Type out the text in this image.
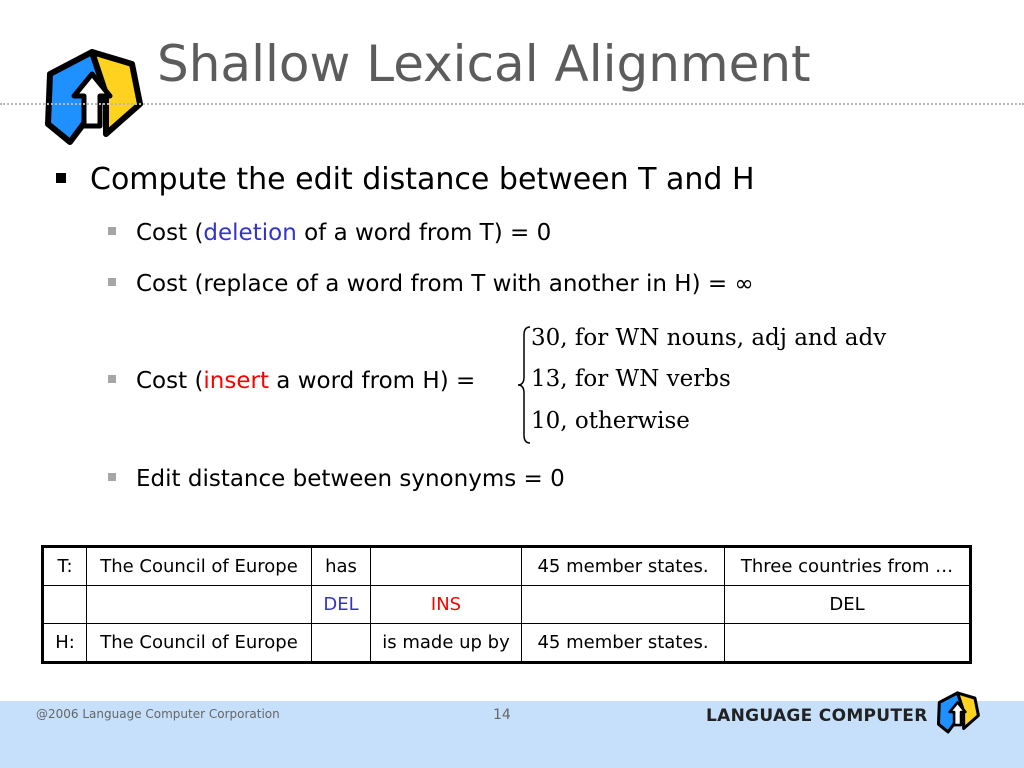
Shallow Lexical Alignment
Compute the edit distance between T and H
Cost (deletion of a word from T) = 0
Cost (replace of a word from T with another in H) = ∞
Cost (insert a word from H) =
30, for WN nouns, adj and adv
13, for WN verbs
10, otherwise
Edit distance between synonyms = 0
T:	The Council of Europe	has		45 member states.	Three countries from …
		DEL	INS		DEL
H:	The Council of Europe		is made up by	45 member states.	
@2006 Language Computer Corporation	14	LANGUAGE COMPUTER
